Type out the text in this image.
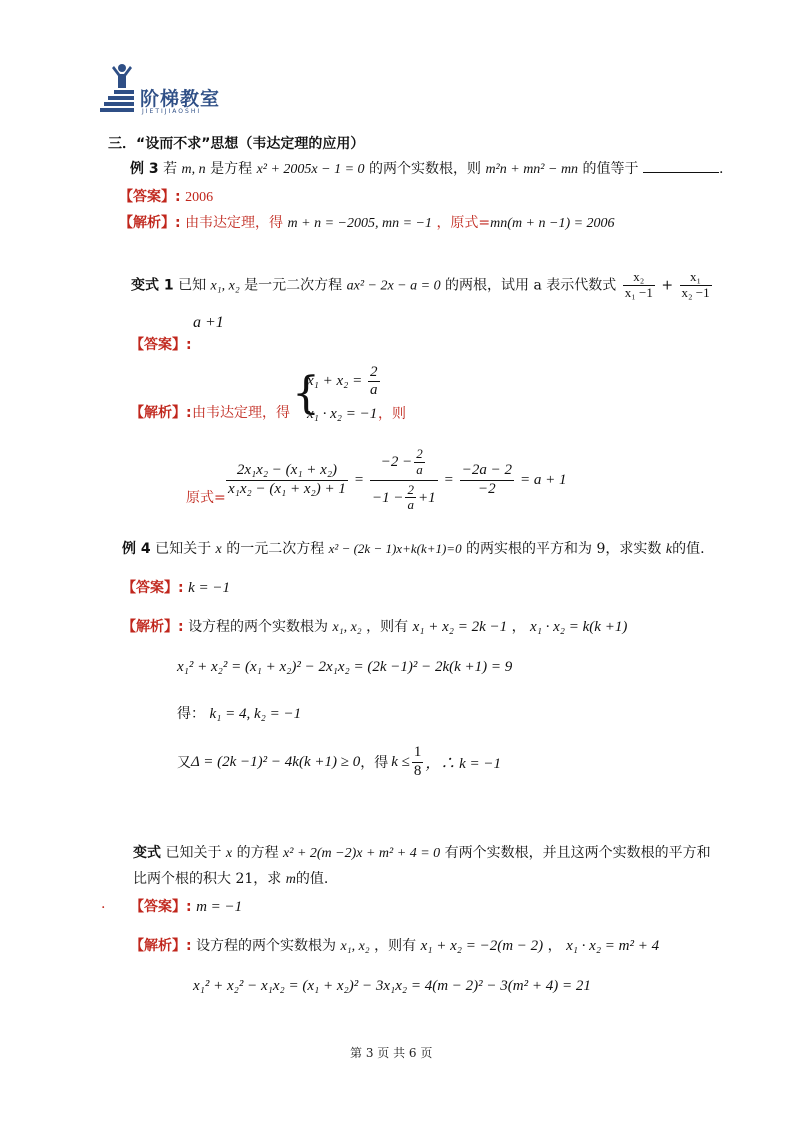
阶梯教室
JIETIJIAOSHI
三．“设而不求”思想（韦达定理的应用）
例 3 若 m, n 是方程 x² + 2005x − 1 = 0 的两个实数根，则 m²n + mn² − mn 的值等于	.
【答案】: 2006
【解析】: 由韦达定理，得 m + n = −2005, mn = −1 ，原式=mn(m + n −1) = 2006
变式 1 已知 x₁, x₂ 是一元二次方程 ax² − 2x − a = 0 的两根，试用 a 表示代数式 $\frac{\text{x₂}}{\text{x₁ −1}} + \frac{\text{x₁}}{\text{x₂ −1}}$
a +1
【答案】:
【解析】: 由韦达定理，得 {
$x_1 + x_2 = \frac{2}{a}$
x₁ · x₂ = −1 ，则
原式=
$\frac{\text{2x₁x₂ − (x₁ + x₂)}}{\text{x₁x₂ − (x₁ + x₂) + 1}} = \frac{-2 - \frac{2}{a}}{-1 - \frac{2}{a} +1} = \frac{-2a - 2}{-2} = a + 1$
例 4 已知关于 x 的一元二次方程 x² − (2k − 1)x+k(k+1)=0 的两实根的平方和为 9，求实数 k的值.
【答案】: k = −1
【解析】: 设方程的两个实数根为 x₁, x₂ ，则有 x₁ + x₂ = 2k −1 ， x₁ · x₂ = k(k +1)
x₁² + x₂² = (x₁ + x₂)² − 2x₁x₂ = (2k −1)² − 2k(k +1) = 9
得： k₁ = 4, k₂ = −1
又 Δ = (2k −1)² − 4k(k +1) ≥ 0 ，得 $k \le \frac{1}{8}$ ，∴ k = −1
变式 已知关于 x 的方程 x² + 2(m −2)x + m² + 4 = 0 有两个实数根，并且这两个实数根的平方和
比两个根的积大 21，求 m的值.
. 【答案】: m = −1
【解析】: 设方程的两个实数根为 x₁, x₂ ，则有 x₁ + x₂ = −2(m − 2) ， x₁ · x₂ = m² + 4
x₁² + x₂² − x₁x₂ = (x₁ + x₂)² − 3x₁x₂ = 4(m − 2)² − 3(m² + 4) = 21
第 3 页 共 6 页
